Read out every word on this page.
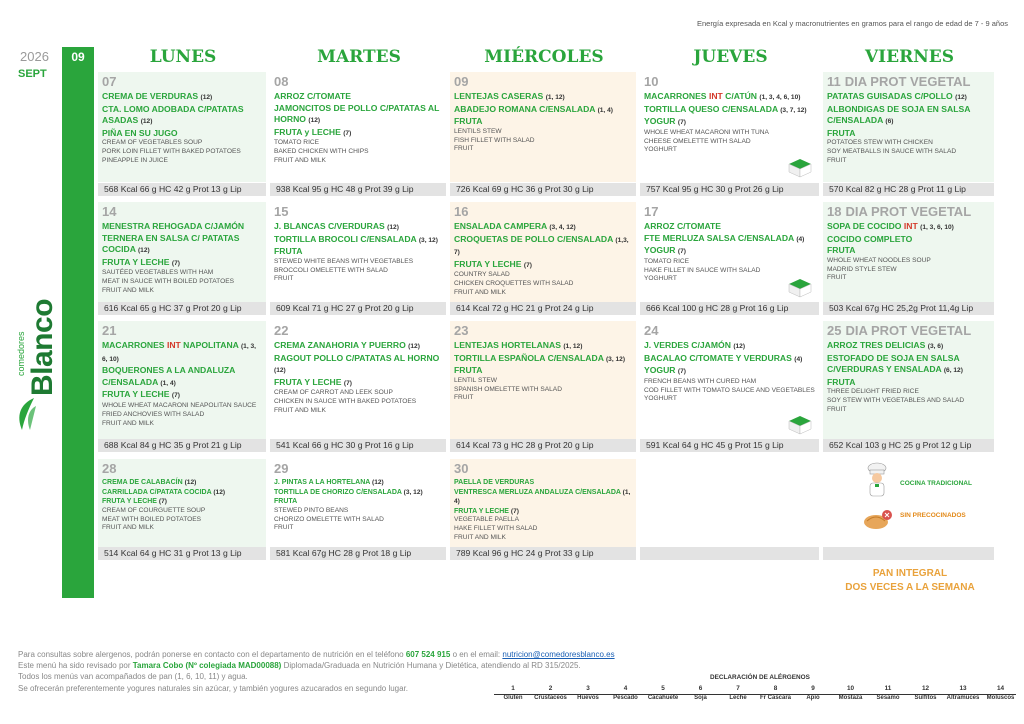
Energía expresada en Kcal y macronutrientes en gramos para el rango de edad de 7 - 9 años
2026
SEPT
09
comedores Blanco
LUNES	MARTES	MIÉRCOLES	JUEVES	VIERNES
07
CREMA DE VERDURAS (12)
CTA. LOMO ADOBADA C/PATATAS ASADAS (12)
PIÑA EN SU JUGO
CREAM OF VEGETABLES SOUP
PORK LOIN FILLET WITH BAKED POTATOES
PINEAPPLE IN JUICE
568 Kcal 66 g HC 42 g Prot 13 g Lip
08
ARROZ C/TOMATE
JAMONCITOS DE POLLO C/PATATAS AL HORNO (12)
FRUTA y LECHE (7)
TOMATO RICE
BAKED CHICKEN WITH CHIPS
FRUIT AND MILK
938 Kcal 95 g HC 48 g Prot 39 g Lip
09
LENTEJAS CASERAS (1, 12)
ABADEJO ROMANA C/ENSALADA (1, 4)
FRUTA
LENTILS STEW
FISH FILLET WITH SALAD
FRUIT
726 Kcal 69 g HC 36 g Prot 30 g Lip
10
MACARRONES INT C/ATÚN (1, 3, 4, 6, 10)
TORTILLA QUESO C/ENSALADA (3, 7, 12)
YOGUR (7)
WHOLE WHEAT MACARONI WITH TUNA
CHEESE OMELETTE WITH SALAD
YOGHURT
757 Kcal 95 g HC 30 g Prot 26 g Lip
11 DIA PROT VEGETAL
PATATAS GUISADAS C/POLLO (12)
ALBONDIGAS DE SOJA EN SALSA C/ENSALADA (6)
FRUTA
POTATOES STEW WITH CHICKEN
SOY MEATBALLS IN SAUCE WITH SALAD
FRUIT
570 Kcal 82 g HC 28 g Prot 11 g Lip
14
MENESTRA REHOGADA C/JAMÓN
TERNERA EN SALSA C/ PATATAS COCIDA (12)
FRUTA Y LECHE (7)
SAUTÉED VEGETABLES WITH HAM
MEAT IN SAUCE WITH BOILED POTATOES
FRUIT AND MILK
616 Kcal 65 g HC 37 g Prot 20 g Lip
15
J. BLANCAS C/VERDURAS (12)
TORTILLA BROCOLI C/ENSALADA (3, 12)
FRUTA
STEWED WHITE BEANS WITH VEGETABLES
BROCCOLI OMELETTE WITH SALAD
FRUIT
609 Kcal 71 g HC 27 g Prot 20 g Lip
16
ENSALADA CAMPERA (3, 4, 12)
CROQUETAS DE POLLO C/ENSALADA (1,3, 7)
FRUTA Y LECHE (7)
COUNTRY SALAD
CHICKEN CROQUETTES WITH SALAD
FRUIT AND MILK
614 Kcal 72 g HC 21 g Prot 24 g Lip
17
ARROZ C/TOMATE
FTE MERLUZA SALSA C/ENSALADA (4)
YOGUR (7)
TOMATO RICE
HAKE FILLET IN SAUCE WITH SALAD
YOGHURT
666 Kcal 100 g HC 28 g Prot 16 g Lip
18 DIA PROT VEGETAL
SOPA DE COCIDO INT (1, 3, 6, 10)
COCIDO COMPLETO
FRUTA
WHOLE WHEAT NOODLES SOUP
MADRID STYLE STEW
FRUIT
503 Kcal 67g HC 25,2g Prot 11,4g Lip
21
MACARRONES INT NAPOLITANA (1, 3, 6, 10)
BOQUERONES A LA ANDALUZA C/ENSALADA (1, 4)
FRUTA Y LECHE (7)
WHOLE WHEAT MACARONI NEAPOLITAN SAUCE
FRIED ANCHOVIES WITH SALAD
FRUIT AND MILK
688 Kcal 84 g HC 35 g Prot 21 g Lip
22
CREMA ZANAHORIA Y PUERRO (12)
RAGOUT POLLO C/PATATAS AL HORNO (12)
FRUTA Y LECHE (7)
CREAM OF CARROT AND LEEK SOUP
CHICKEN IN SAUCE WITH BAKED POTATOES
FRUIT AND MILK
541 Kcal 66 g HC 30 g Prot 16 g Lip
23
LENTEJAS HORTELANAS (1, 12)
TORTILLA ESPAÑOLA C/ENSALADA (3, 12)
FRUTA
LENTIL STEW
SPANISH OMELETTE WITH SALAD
FRUIT
614 Kcal 73 g HC 28 g Prot 20 g Lip
24
J. VERDES C/JAMÓN (12)
BACALAO C/TOMATE Y VERDURAS (4)
YOGUR (7)
FRENCH BEANS WITH CURED HAM
COD FILLET WITH TOMATO SAUCE AND VEGETABLES
YOGHURT
591 Kcal 64 g HC 45 g Prot 15 g Lip
25 DIA PROT VEGETAL
ARROZ TRES DELICIAS (3, 6)
ESTOFADO DE SOJA EN SALSA C/VERDURAS Y ENSALADA (6, 12)
FRUTA
THREE DELIGHT FRIED RICE
SOY STEW WITH VEGETABLES AND SALAD
FRUIT
652 Kcal 103 g HC 25 g Prot 12 g Lip
28
CREMA DE CALABACÍN (12)
CARRILLADA C/PATATA COCIDA (12)
FRUTA Y LECHE (7)
CREAM OF COURGUETTE SOUP
MEAT WITH BOILED POTATOES
FRUIT AND MILK
514 Kcal 64 g HC 31 g Prot 13 g Lip
29
J. PINTAS A LA HORTELANA (12)
TORTILLA DE CHORIZO C/ENSALADA (3, 12)
FRUTA
STEWED PINTO BEANS
CHORIZO OMELETTE WITH SALAD
FRUIT
581 Kcal 67g HC 28 g Prot 18 g Lip
30
PAELLA DE VERDURAS
VENTRESCA MERLUZA ANDALUZA C/ENSALADA (1, 4)
FRUTA Y LECHE (7)
VEGETABLE PAELLA
HAKE FILLET WITH SALAD
FRUIT AND MILK
789 Kcal 96 g HC 24 g Prot 33 g Lip
COCINA TRADICIONAL
SIN PRECOCINADOS
PAN INTEGRAL
DOS VECES A LA SEMANA
Para consultas sobre alergenos, podrán ponerse en contacto con el departamento de nutrición en el teléfono 607 524 915 o en el email: nutricion@comedoresblanco.es
Este menú ha sido revisado por Tamara Cobo (Nº colegiada MAD00088) Diplomada/Graduada en Nutrición Humana y Dietética, atendiendo al RD 315/2025.
Todos los menús van acompañados de pan (1, 6, 10, 11) y agua.
Se ofrecerán preferentemente yogures naturales sin azúcar, y también yogures azucarados en segundo lugar.
DECLARACIÓN DE ALÉRGENOS
1
Gluten
2
Crustaceos
3
Huevos
4
Pescado
5
Cacahuete
6
Soja
7
Leche
8
Fr Cascara
9
Apio
10
Mostaza
11
Sésamo
12
Sulfitos
13
Altramuces
14
Moluscos
